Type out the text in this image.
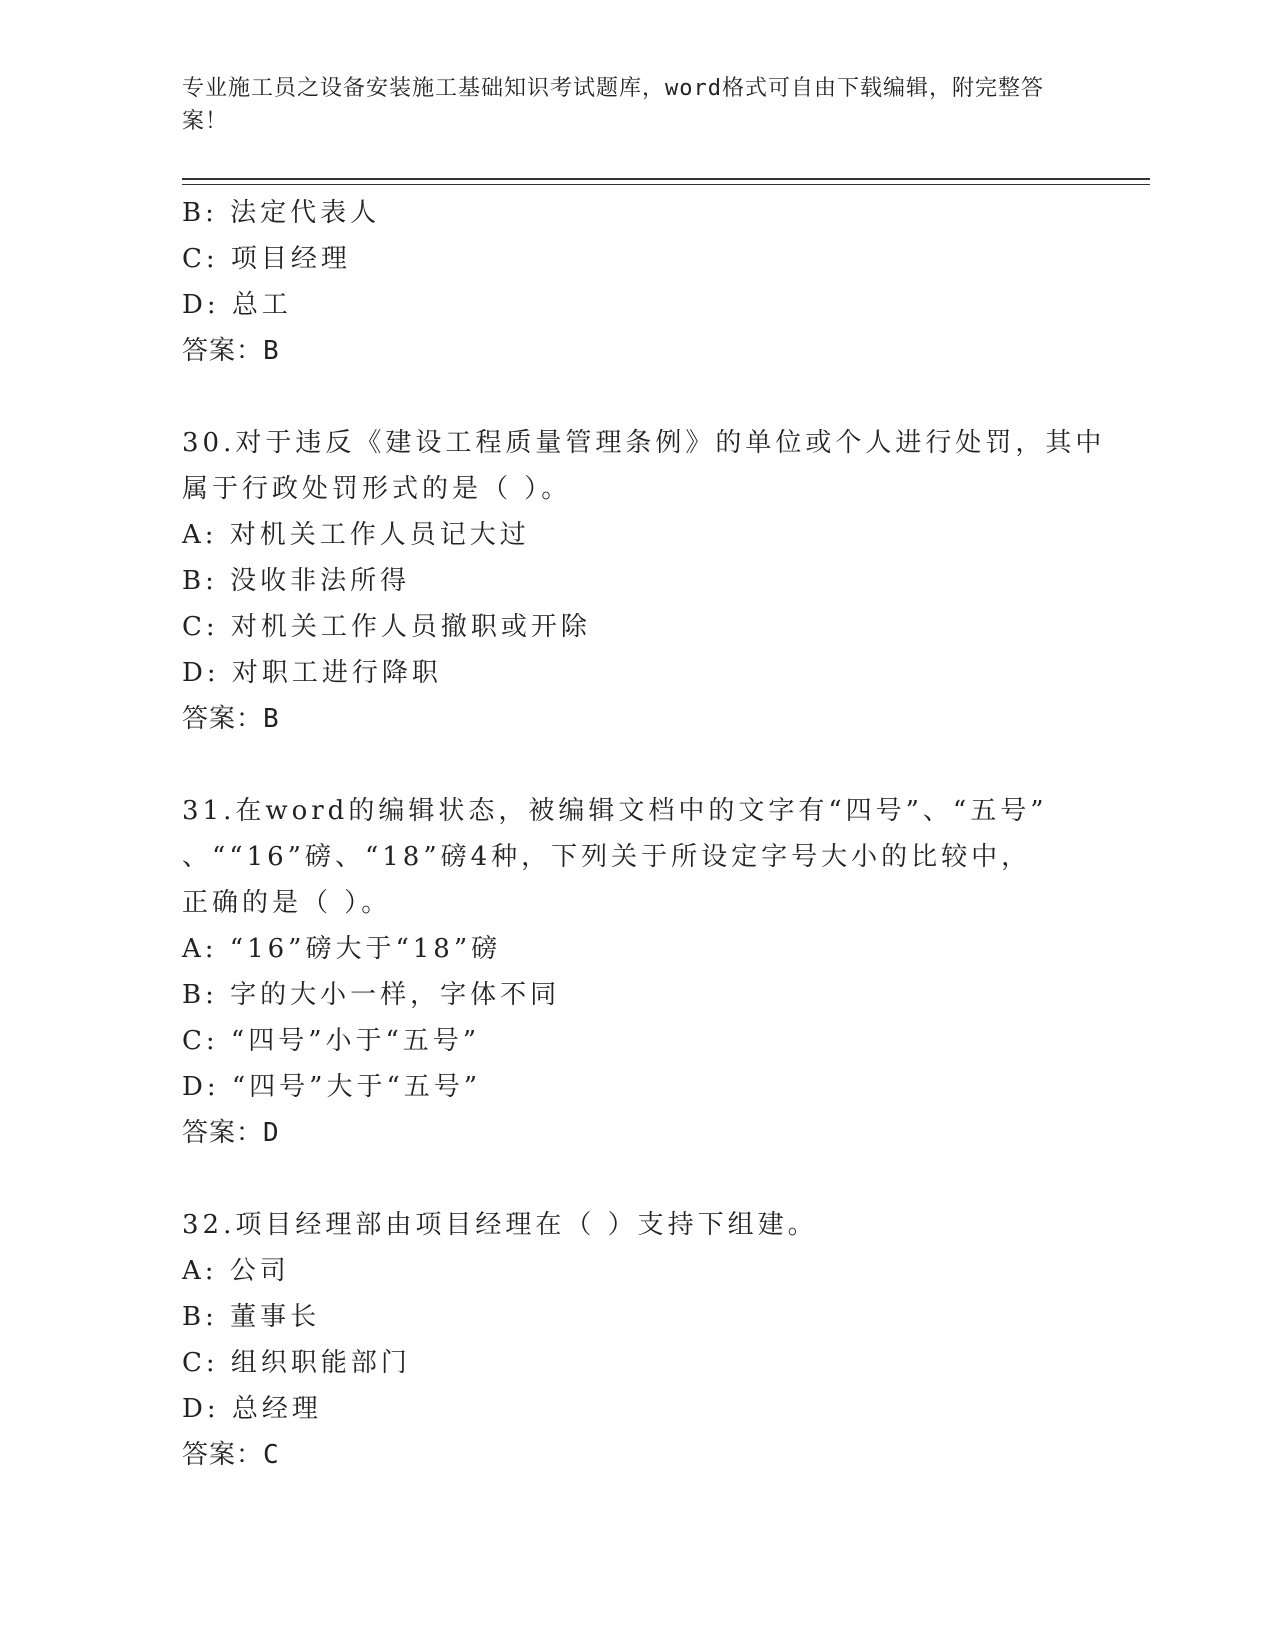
专业施工员之设备安装施工基础知识考试题库，word格式可自由下载编辑，附完整答案！
B: 法定代表人
C: 项目经理
D: 总工
答案：B
30.对于违反《建设工程质量管理条例》的单位或个人进行处罚，其中
属于行政处罚形式的是（ ）。
A: 对机关工作人员记大过
B: 没收非法所得
C: 对机关工作人员撤职或开除
D: 对职工进行降职
答案：B
31.在word的编辑状态，被编辑文档中的文字有“四号”、“五号”
、““16”磅、“18”磅4种，下列关于所设定字号大小的比较中，
正确的是（ ）。
A: “16”磅大于“18”磅
B: 字的大小一样，字体不同
C: “四号”小于“五号”
D: “四号”大于“五号”
答案：D
32.项目经理部由项目经理在（ ）支持下组建。
A: 公司
B: 董事长
C: 组织职能部门
D: 总经理
答案：C
